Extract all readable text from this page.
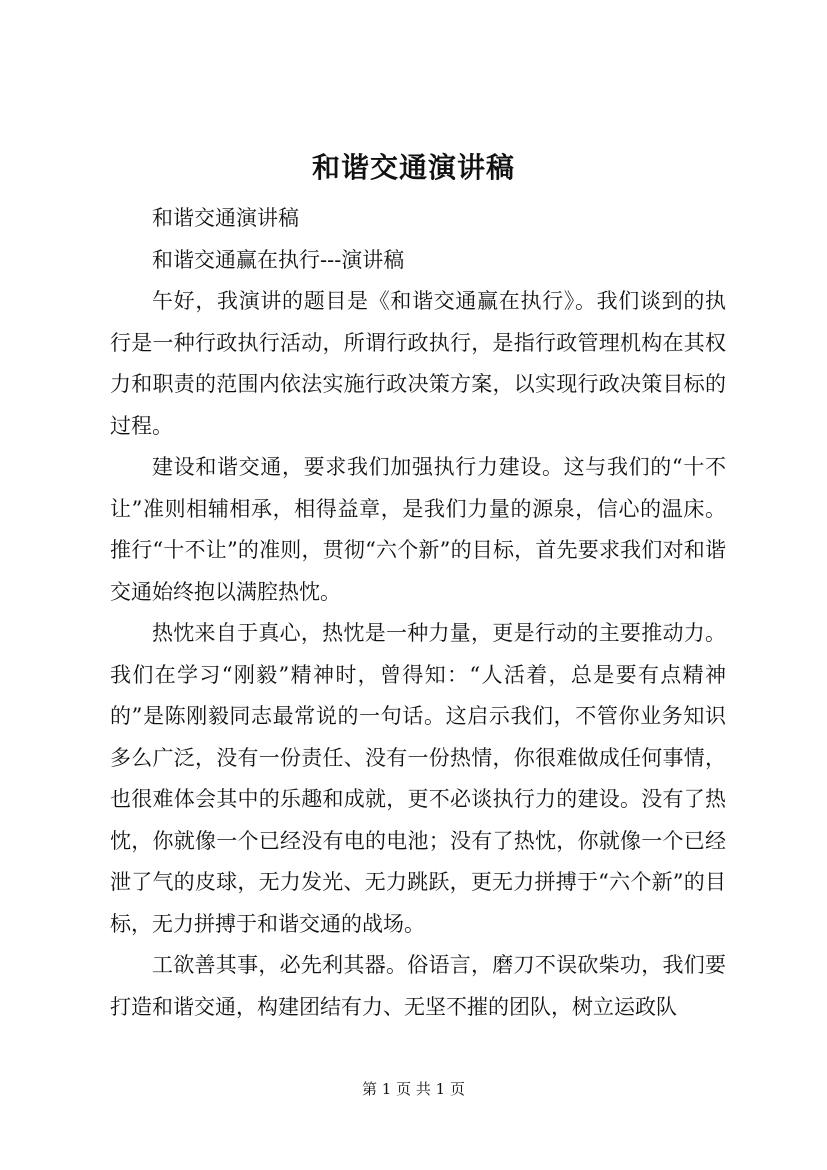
和谐交通演讲稿

和谐交通演讲稿

和谐交通赢在执行---演讲稿

午好，我演讲的题目是《和谐交通赢在执行》。我们谈到的执行是一种行政执行活动，所谓行政执行，是指行政管理机构在其权力和职责的范围内依法实施行政决策方案，以实现行政决策目标的过程。

建设和谐交通，要求我们加强执行力建设。这与我们的“十不让”准则相辅相承，相得益章，是我们力量的源泉，信心的温床。推行“十不让”的准则，贯彻“六个新”的目标，首先要求我们对和谐交通始终抱以满腔热忱。

热忱来自于真心，热忱是一种力量，更是行动的主要推动力。我们在学习“刚毅”精神时，曾得知：“人活着，总是要有点精神的”是陈刚毅同志最常说的一句话。这启示我们，不管你业务知识多么广泛，没有一份责任、没有一份热情，你很难做成任何事情，也很难体会其中的乐趣和成就，更不必谈执行力的建设。没有了热忱，你就像一个已经没有电的电池；没有了热忱，你就像一个已经泄了气的皮球，无力发光、无力跳跃，更无力拼搏于“六个新”的目标，无力拼搏于和谐交通的战场。

工欲善其事，必先利其器。俗语言，磨刀不误砍柴功，我们要打造和谐交通，构建团结有力、无坚不摧的团队，树立运政队

第 1 页 共 1 页
